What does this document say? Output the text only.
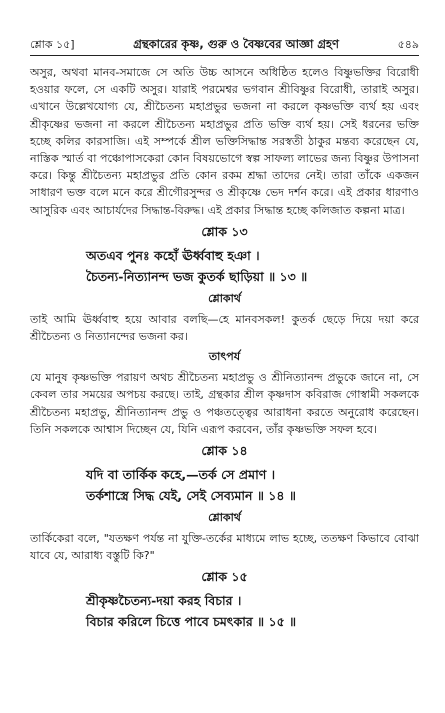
শ্লোক ১৫]	গ্রন্থকারের কৃষ্ণ, গুরু ও বৈষ্ণবের আজ্ঞা গ্রহণ	৫৪৯

অসুর, অথবা মানব-সমাজে সে অতি উচ্চ আসনে অধিষ্ঠিত হলেও বিষ্ণুভক্তির বিরোধী হওয়ার ফলে, সে একটি অসুর। যারাই পরমেশ্বর ভগবান শ্রীবিষ্ণুর বিরোধী, তারাই অসুর। এখানে উল্লেখযোগ্য যে, শ্রীচৈতন্য মহাপ্রভুর ভজনা না করলে কৃষ্ণভক্তি ব্যর্থ হয় এবং শ্রীকৃষ্ণের ভজনা না করলে শ্রীচৈতন্য মহাপ্রভুর প্রতি ভক্তি ব্যর্থ হয়। সেই ধরনের ভক্তি হচ্ছে কলির কারসাজি। এই সম্পর্কে শ্রীল ভক্তিসিদ্ধান্ত সরস্বতী ঠাকুর মন্তব্য করেছেন যে, নাস্তিক স্মার্ত বা পঞ্চোপাসকেরা কোন বিষয়ভোগে স্বল্প সাফল্য লাভের জন্য বিষ্ণুর উপাসনা করে। কিন্তু শ্রীচৈতন্য মহাপ্রভুর প্রতি কোন রকম শ্রদ্ধা তাদের নেই। তারা তাঁকে একজন সাধারণ ভক্ত বলে মনে করে শ্রীগৌরসুন্দর ও শ্রীকৃষ্ণে ভেদ দর্শন করে। এই প্রকার ধারণাও আসুরিক এবং আচার্যদের সিদ্ধান্ত-বিরুদ্ধ। এই প্রকার সিদ্ধান্ত হচ্ছে কলিজাত কল্পনা মাত্র।

শ্লোক ১৩
অতএব পুনঃ কহোঁ ঊর্ধ্ববাহু হঞা ।
চৈতন্য-নিত্যানন্দ ভজ কুতর্ক ছাড়িয়া ॥ ১৩ ॥
শ্লোকার্থ

তাই আমি ঊর্ধ্ববাহু হয়ে আবার বলছি—হে মানবসকল! কুতর্ক ছেড়ে দিয়ে দয়া করে শ্রীচৈতন্য ও নিত্যানন্দের ভজনা কর।

তাৎপর্য

যে মানুষ কৃষ্ণভক্তি পরায়ণ অথচ শ্রীচৈতন্য মহাপ্রভু ও শ্রীনিত্যানন্দ প্রভুকে জানে না, সে কেবল তার সময়ের অপচয় করছে। তাই, গ্রন্থকার শ্রীল কৃষ্ণদাস কবিরাজ গোস্বামী সকলকে শ্রীচৈতন্য মহাপ্রভু, শ্রীনিত্যানন্দ প্রভু ও পঞ্চতত্ত্বের আরাধনা করতে অনুরোধ করেছেন। তিনি সকলকে আশ্বাস দিচ্ছেন যে, যিনি এরূপ করবেন, তাঁর কৃষ্ণভক্তি সফল হবে।

শ্লোক ১৪
যদি বা তার্কিক কহে,—তর্ক সে প্রমাণ ।
তর্কশাস্ত্রে সিদ্ধ যেই, সেই সেব্যমান ॥ ১৪ ॥
শ্লোকার্থ

তার্কিকেরা বলে, "যতক্ষণ পর্যন্ত না যুক্তি-তর্কের মাধ্যমে লাভ হচ্ছে, ততক্ষণ কিভাবে বোঝা যাবে যে, আরাধ্য বস্তুটি কি?"

শ্লোক ১৫
শ্রীকৃষ্ণচৈতন্য-দয়া করহ বিচার ।
বিচার করিলে চিত্তে পাবে চমৎকার ॥ ১৫ ॥
